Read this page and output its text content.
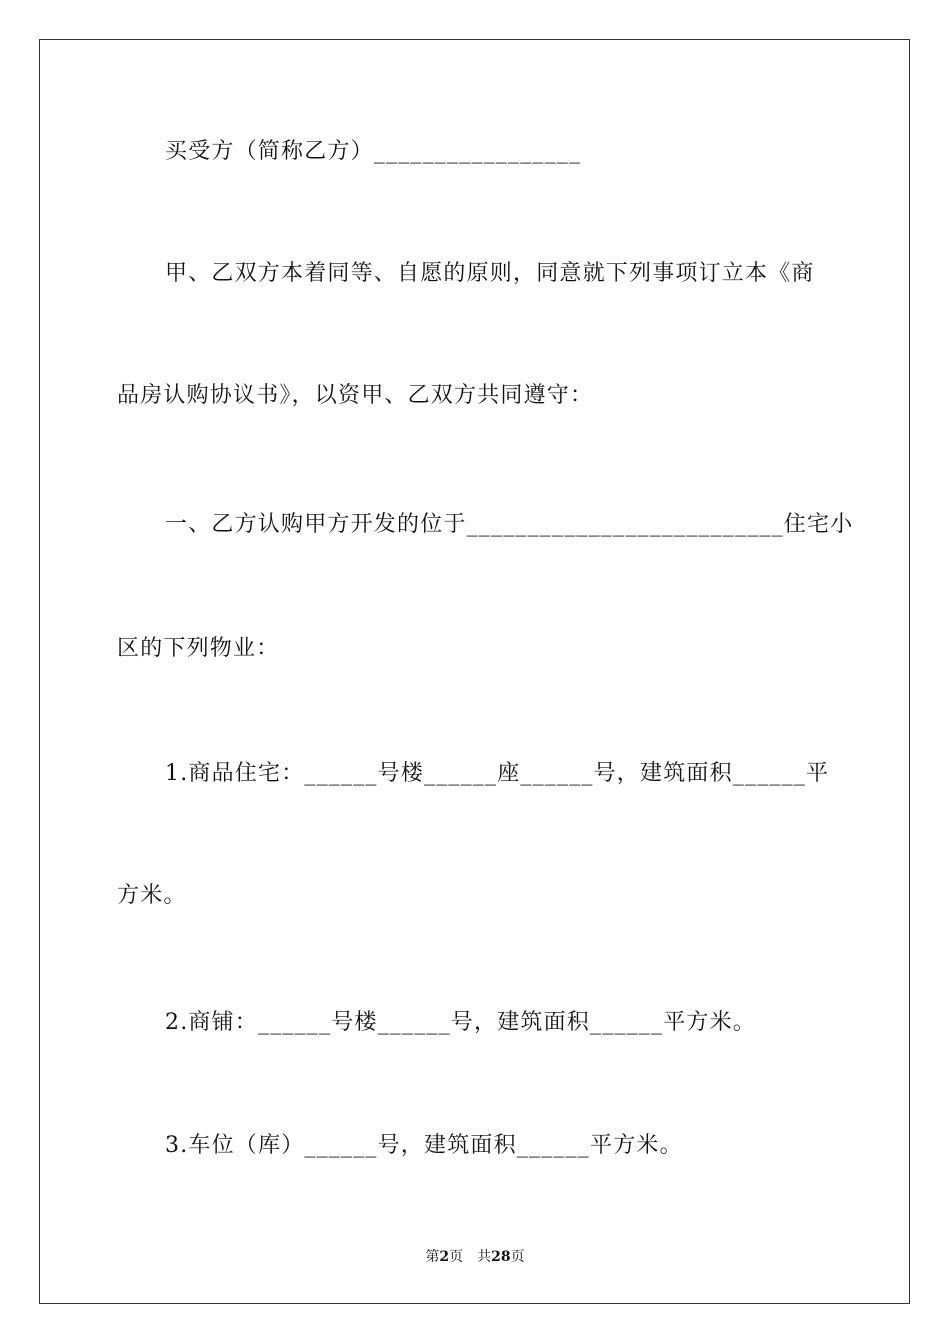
买受方（简称乙方）_________________
甲、乙双方本着同等、自愿的原则，同意就下列事项订立本《商
品房认购协议书》，以资甲、乙双方共同遵守：
一、乙方认购甲方开发的位于__________________________住宅小
区的下列物业：
1.商品住宅：______号楼______座______号，建筑面积______平
方米。
2.商铺：______号楼______号，建筑面积______平方米。
3.车位（库）______号，建筑面积______平方米。
第2页　共28页
